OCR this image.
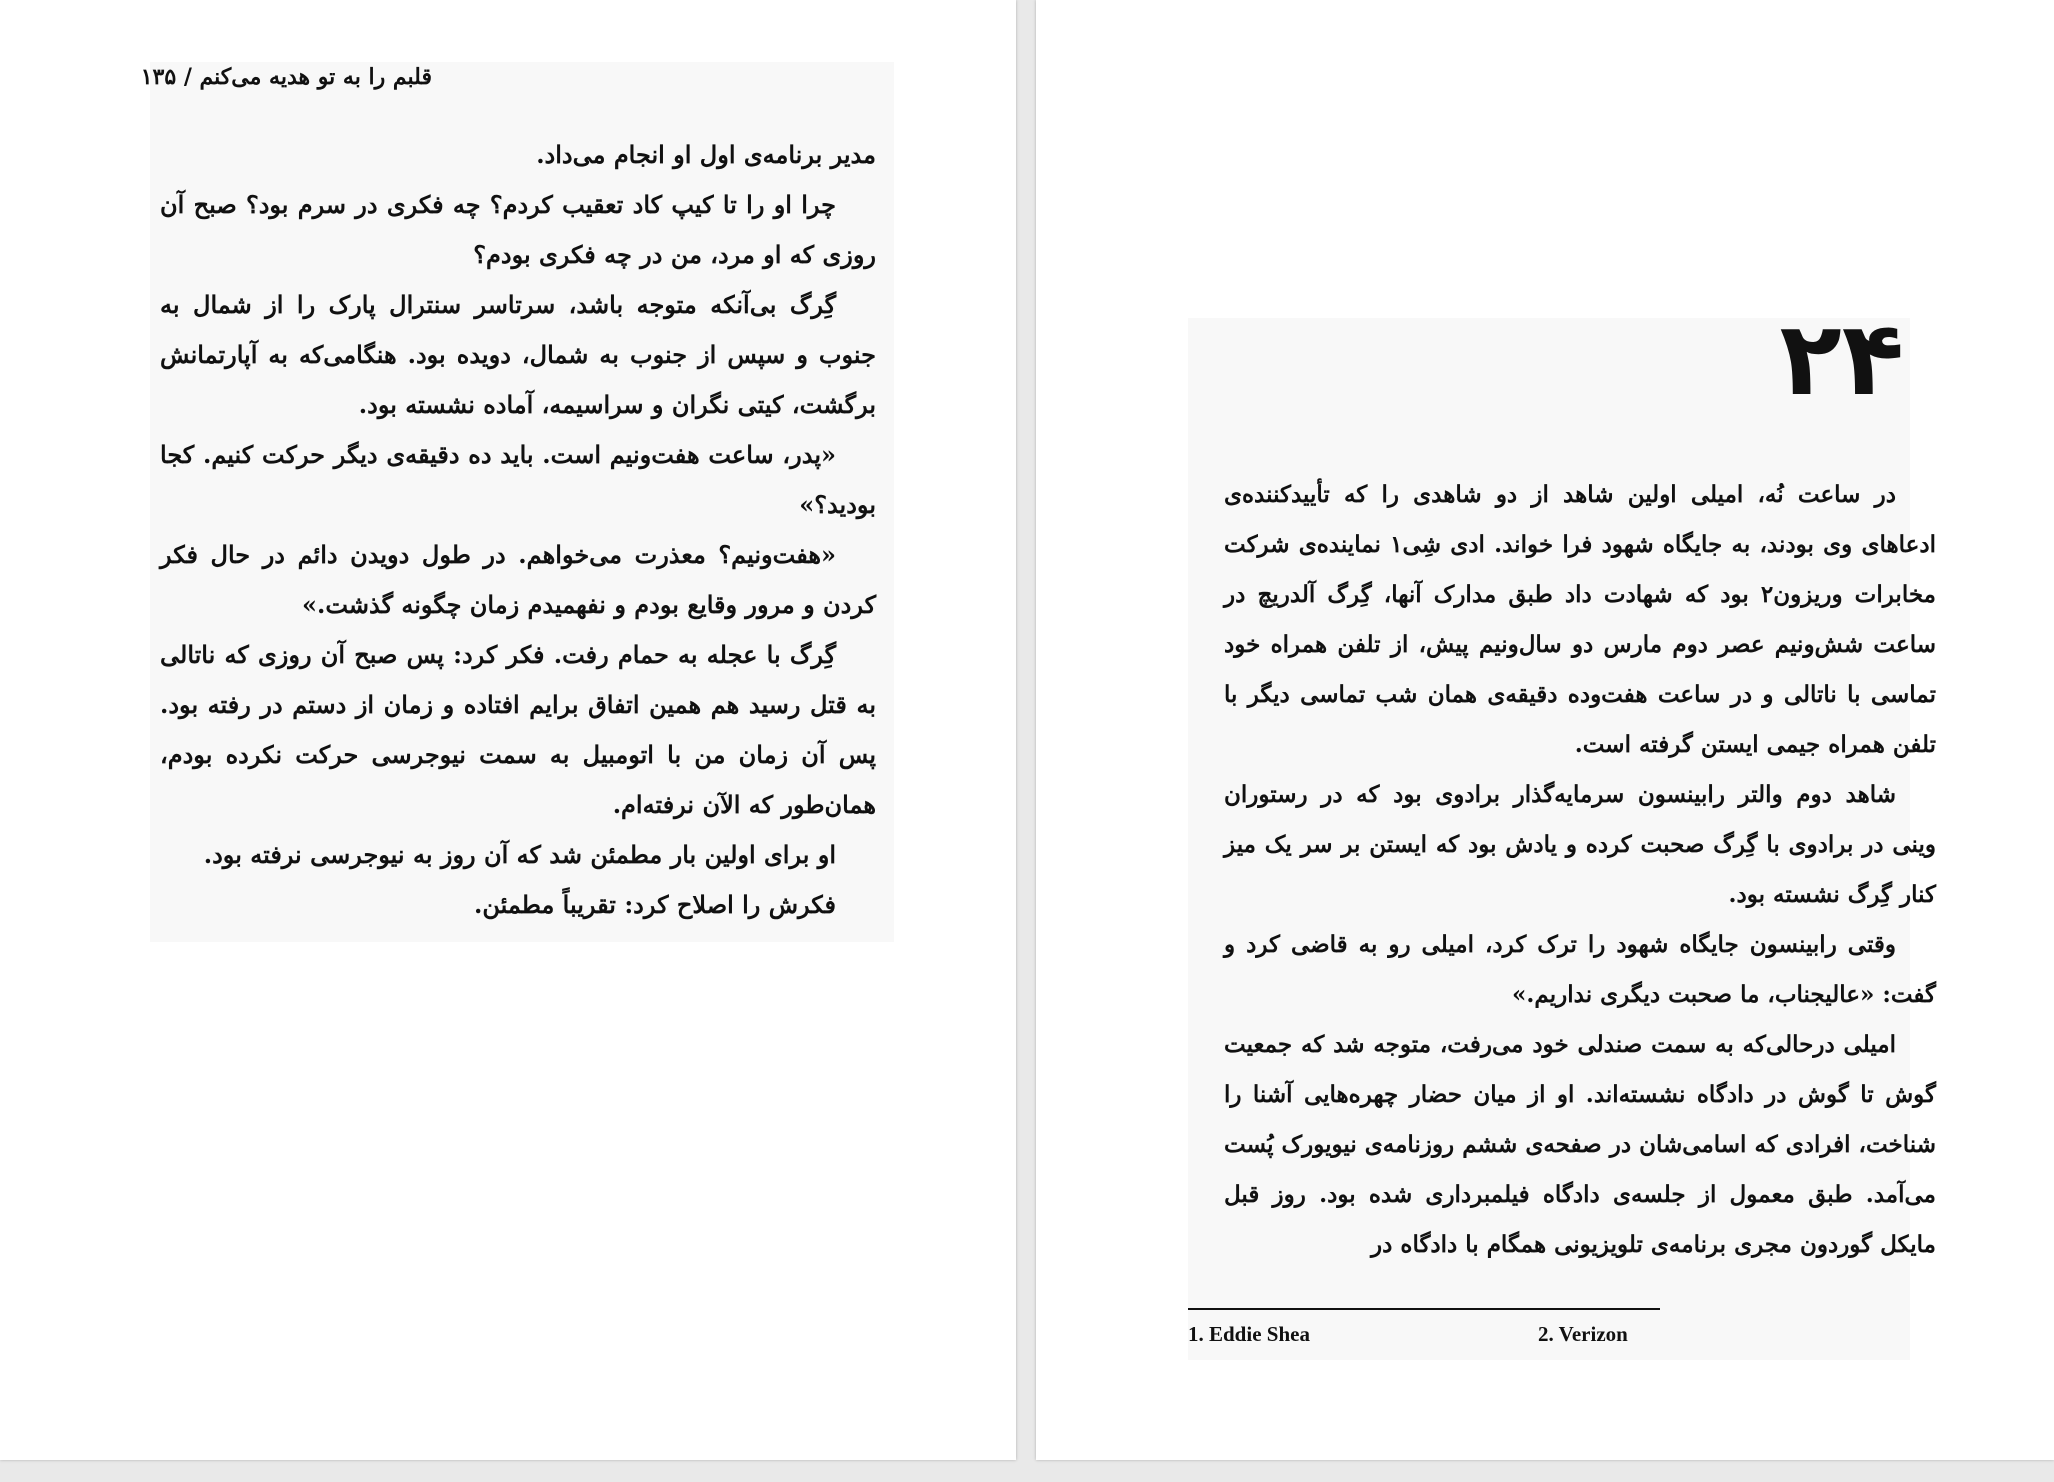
قلبم را به تو هدیه می‌کنم / ۱۳۵

مدیر برنامه‌ی اول او انجام می‌داد.

چرا او را تا کیپ کاد تعقیب کردم؟ چه فکری در سرم بود؟ صبح آن روزی که او مرد، من در چه فکری بودم؟

گِرگ بی‌آنکه متوجه باشد، سرتاسر سنترال پارک را از شمال به جنوب و سپس از جنوب به شمال، دویده بود. هنگامی‌که به آپارتمانش برگشت، کیتی نگران و سراسیمه، آماده نشسته بود.

«پدر، ساعت هفت‌ونیم است. باید ده دقیقه‌ی دیگر حرکت کنیم. کجا بودید؟»

«هفت‌ونیم؟ معذرت می‌خواهم. در طول دویدن دائم در حال فکر کردن و مرور وقایع بودم و نفهمیدم زمان چگونه گذشت.»

گِرگ با عجله به حمام رفت. فکر کرد: پس صبح آن روزی که ناتالی به قتل رسید هم همین اتفاق برایم افتاده و زمان از دستم در رفته بود. پس آن زمان من با اتومبیل به سمت نیوجرسی حرکت نکرده بودم، همان‌طور که الآن نرفته‌ام.

او برای اولین بار مطمئن شد که آن روز به نیوجرسی نرفته بود.

فکرش را اصلاح کرد: تقریباً مطمئن.

۲۴

در ساعت نُه، امیلی اولین شاهد از دو شاهدی را که تأییدکننده‌ی ادعاهای وی بودند، به جایگاه شهود فرا خواند. ادی شِی۱ نماینده‌ی شرکت مخابرات وریزون۲ بود که شهادت داد طبق مدارک آنها، گِرگ آلدریچ در ساعت شش‌ونیم عصر دوم مارس دو سال‌ونیم پیش، از تلفن همراه خود تماسی با ناتالی و در ساعت هفت‌وده دقیقه‌ی همان شب تماسی دیگر با تلفن همراه جیمی ایستن گرفته است.

شاهد دوم والتر رابینسون سرمایه‌گذار برادوی بود که در رستوران وینی در برادوی با گِرگ صحبت کرده و یادش بود که ایستن بر سر یک میز کنار گِرگ نشسته بود.

وقتی رابینسون جایگاه شهود را ترک کرد، امیلی رو به قاضی کرد و گفت: «عالیجناب، ما صحبت دیگری نداریم.»

امیلی درحالی‌که به سمت صندلی خود می‌رفت، متوجه شد که جمعیت گوش تا گوش در دادگاه نشسته‌اند. او از میان حضار چهره‌هایی آشنا را شناخت، افرادی که اسامی‌شان در صفحه‌ی ششم روزنامه‌ی نیویورک پُست می‌آمد. طبق معمول از جلسه‌ی دادگاه فیلمبرداری شده بود. روز قبل مایکل گوردون مجری برنامه‌ی تلویزیونی همگام با دادگاه در

1. Eddie Shea	2. Verizon
